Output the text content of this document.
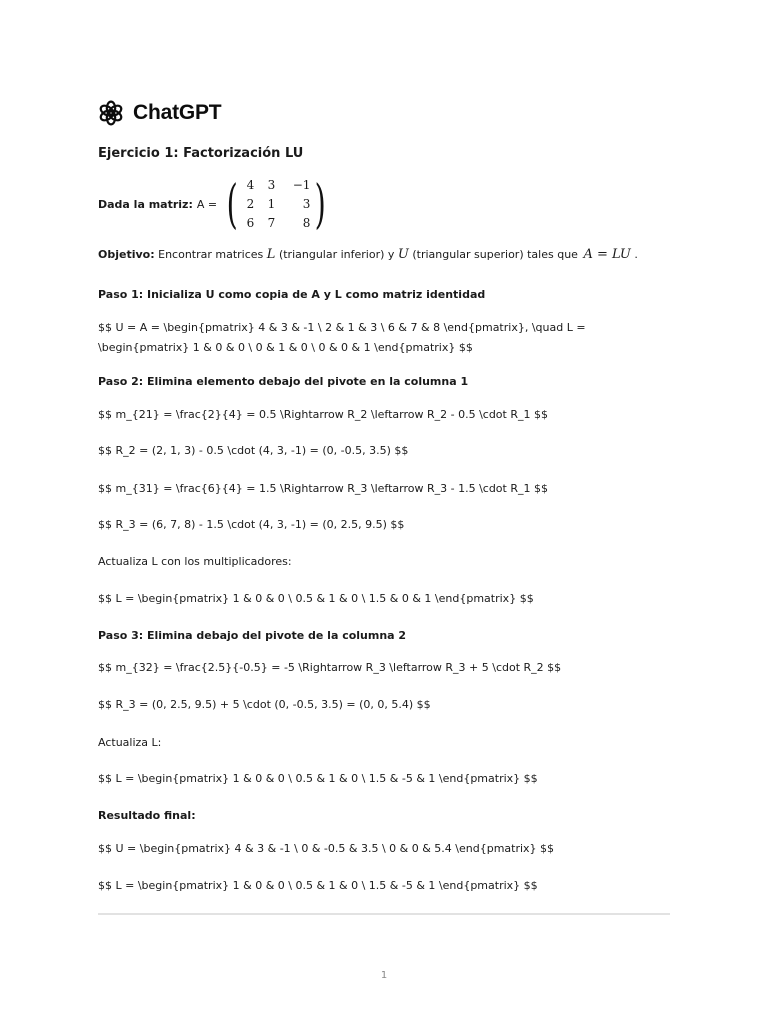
ChatGPT
Ejercicio 1: Factorización LU
Dada la matriz: A = ( 4	3	−1
2	1	3
6	7	8 )
Objetivo: Encontrar matrices L (triangular inferior) y U (triangular superior) tales que A = LU .
Paso 1: Inicializa U como copia de A y L como matriz identidad
$$ U = A = \begin{pmatrix} 4 & 3 & -1 \ 2 & 1 & 3 \ 6 & 7 & 8 \end{pmatrix}, \quad L = \begin{pmatrix} 1 & 0 & 0 \ 0 & 1 & 0 \ 0 & 0 & 1 \end{pmatrix} $$
Paso 2: Elimina elemento debajo del pivote en la columna 1
$$ m_{21} = \frac{2}{4} = 0.5 \Rightarrow R_2 \leftarrow R_2 - 0.5 \cdot R_1 $$
$$ R_2 = (2, 1, 3) - 0.5 \cdot (4, 3, -1) = (0, -0.5, 3.5) $$
$$ m_{31} = \frac{6}{4} = 1.5 \Rightarrow R_3 \leftarrow R_3 - 1.5 \cdot R_1 $$
$$ R_3 = (6, 7, 8) - 1.5 \cdot (4, 3, -1) = (0, 2.5, 9.5) $$
Actualiza L con los multiplicadores:
$$ L = \begin{pmatrix} 1 & 0 & 0 \ 0.5 & 1 & 0 \ 1.5 & 0 & 1 \end{pmatrix} $$
Paso 3: Elimina debajo del pivote de la columna 2
$$ m_{32} = \frac{2.5}{-0.5} = -5 \Rightarrow R_3 \leftarrow R_3 + 5 \cdot R_2 $$
$$ R_3 = (0, 2.5, 9.5) + 5 \cdot (0, -0.5, 3.5) = (0, 0, 5.4) $$
Actualiza L:
$$ L = \begin{pmatrix} 1 & 0 & 0 \ 0.5 & 1 & 0 \ 1.5 & -5 & 1 \end{pmatrix} $$
Resultado final:
$$ U = \begin{pmatrix} 4 & 3 & -1 \ 0 & -0.5 & 3.5 \ 0 & 0 & 5.4 \end{pmatrix} $$
$$ L = \begin{pmatrix} 1 & 0 & 0 \ 0.5 & 1 & 0 \ 1.5 & -5 & 1 \end{pmatrix} $$
1
